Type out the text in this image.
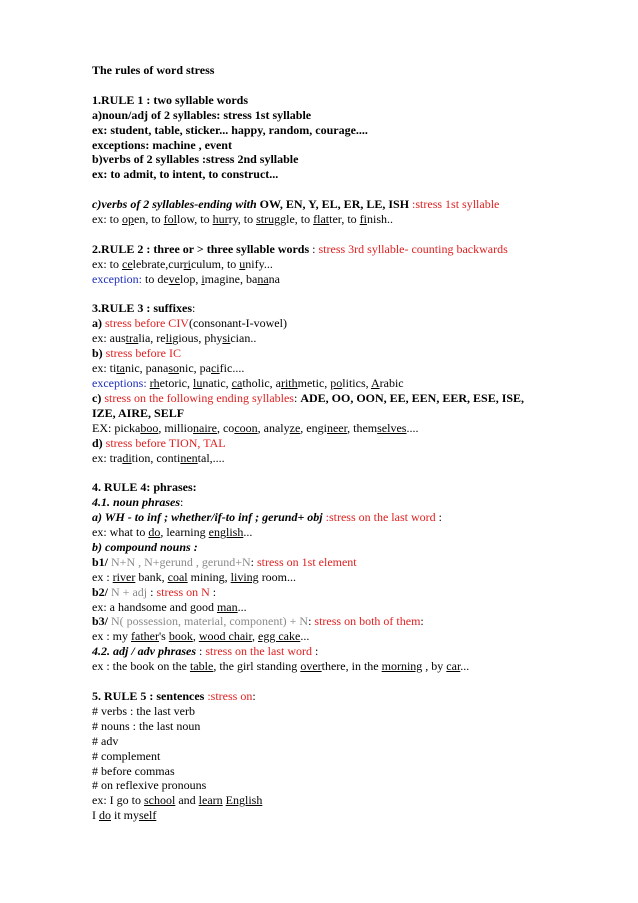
The rules of word stress
1.RULE 1 : two syllable words
a)noun/adj of 2 syllables: stress 1st syllable
ex: student, table, sticker... happy, random, courage....
exceptions: machine , event
b)verbs of 2 syllables :stress 2nd syllable
ex: to admit, to intent, to construct...
c)verbs of 2 syllables-ending with OW, EN, Y, EL, ER, LE, ISH :stress 1st syllable
ex: to open, to follow, to hurry, to struggle, to flatter, to finish..
2.RULE 2 : three or > three syllable words : stress 3rd syllable- counting backwards
ex: to celebrate,curriculum, to unify...
exception: to develop, imagine, banana
3.RULE 3 : suffixes:
a) stress before CIV(consonant-I-vowel)
ex: australia, religious, physician..
b) stress before IC
ex: titanic, panasonic, pacific....
exceptions: rhetoric, lunatic, catholic, arithmetic, politics, Arabic
c) stress on the following ending syllables: ADE, OO, OON, EE, EEN, EER, ESE, ISE,
IZE, AIRE, SELF
EX: pickaboo, millionaire, cocoon, analyze, engineer, themselves....
d) stress before TION, TAL
ex: tradition, continental,....
4. RULE 4: phrases:
4.1. noun phrases:
a) WH - to inf ; whether/if-to inf ; gerund+ obj :stress on the last word :
ex: what to do, learning english...
b) compound nouns :
b1/ N+N , N+gerund , gerund+N: stress on 1st element
ex : river bank, coal mining, living room...
b2/ N + adj : stress on N :
ex: a handsome and good man...
b3/ N( possession, material, component) + N: stress on both of them:
ex : my father's book, wood chair, egg cake...
4.2. adj / adv phrases : stress on the last word :
ex : the book on the table, the girl standing overthere, in the morning , by car...
5. RULE 5 : sentences :stress on:
# verbs : the last verb
# nouns : the last noun
# adv
# complement
# before commas
# on reflexive pronouns
ex: I go to school and learn English
I do it myself
